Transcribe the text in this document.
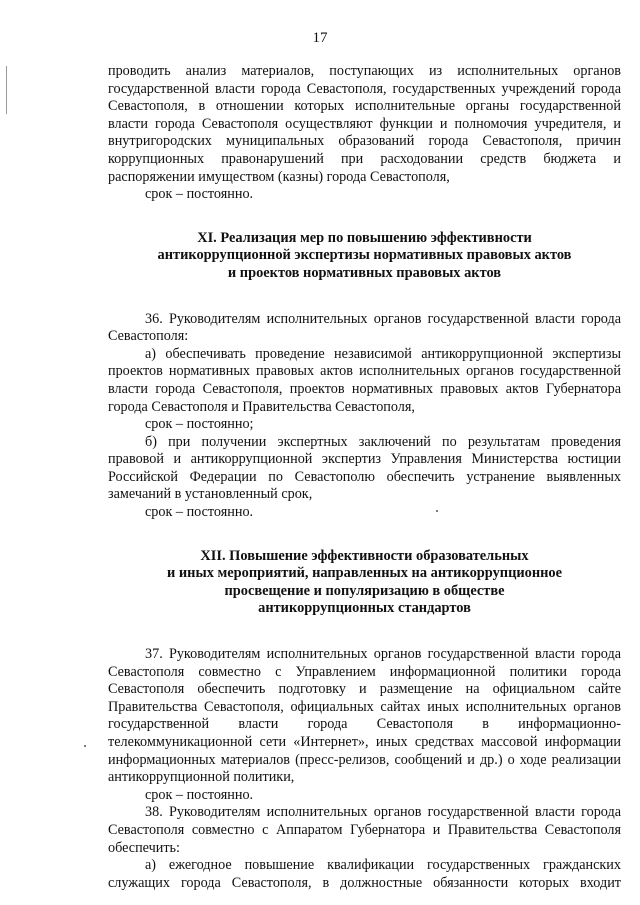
17

проводить анализ материалов, поступающих из исполнительных органов государственной власти города Севастополя, государственных учреждений города Севастополя, в отношении которых исполнительные органы государственной власти города Севастополя осуществляют функции и полномочия учредителя, и внутригородских муниципальных образований города Севастополя, причин коррупционных правонарушений при расходовании средств бюджета и распоряжении имуществом (казны) города Севастополя,

срок – постоянно.

XI. Реализация мер по повышению эффективности
антикоррупционной экспертизы нормативных правовых актов
и проектов нормативных правовых актов

36. Руководителям исполнительных органов государственной власти города Севастополя:

а) обеспечивать проведение независимой антикоррупционной экспертизы проектов нормативных правовых актов исполнительных органов государственной власти города Севастополя, проектов нормативных правовых актов Губернатора города Севастополя и Правительства Севастополя,

срок – постоянно;

б) при получении экспертных заключений по результатам проведения правовой и антикоррупционной экспертиз Управления Министерства юстиции Российской Федерации по Севастополю обеспечить устранение выявленных замечаний в установленный срок,

срок – постоянно.

XII. Повышение эффективности образовательных
и иных мероприятий, направленных на антикоррупционное
просвещение и популяризацию в обществе
антикоррупционных стандартов

37. Руководителям исполнительных органов государственной власти города Севастополя совместно с Управлением информационной политики города Севастополя обеспечить подготовку и размещение на официальном сайте Правительства Севастополя, официальных сайтах иных исполнительных органов государственной власти города Севастополя в информационно-телекоммуникационной сети «Интернет», иных средствах массовой информации информационных материалов (пресс-релизов, сообщений и др.) о ходе реализации антикоррупционной политики,

срок – постоянно.

38. Руководителям исполнительных органов государственной власти города Севастополя совместно с Аппаратом Губернатора и Правительства Севастополя обеспечить:

а) ежегодное повышение квалификации государственных гражданских служащих города Севастополя, в должностные обязанности которых входит
